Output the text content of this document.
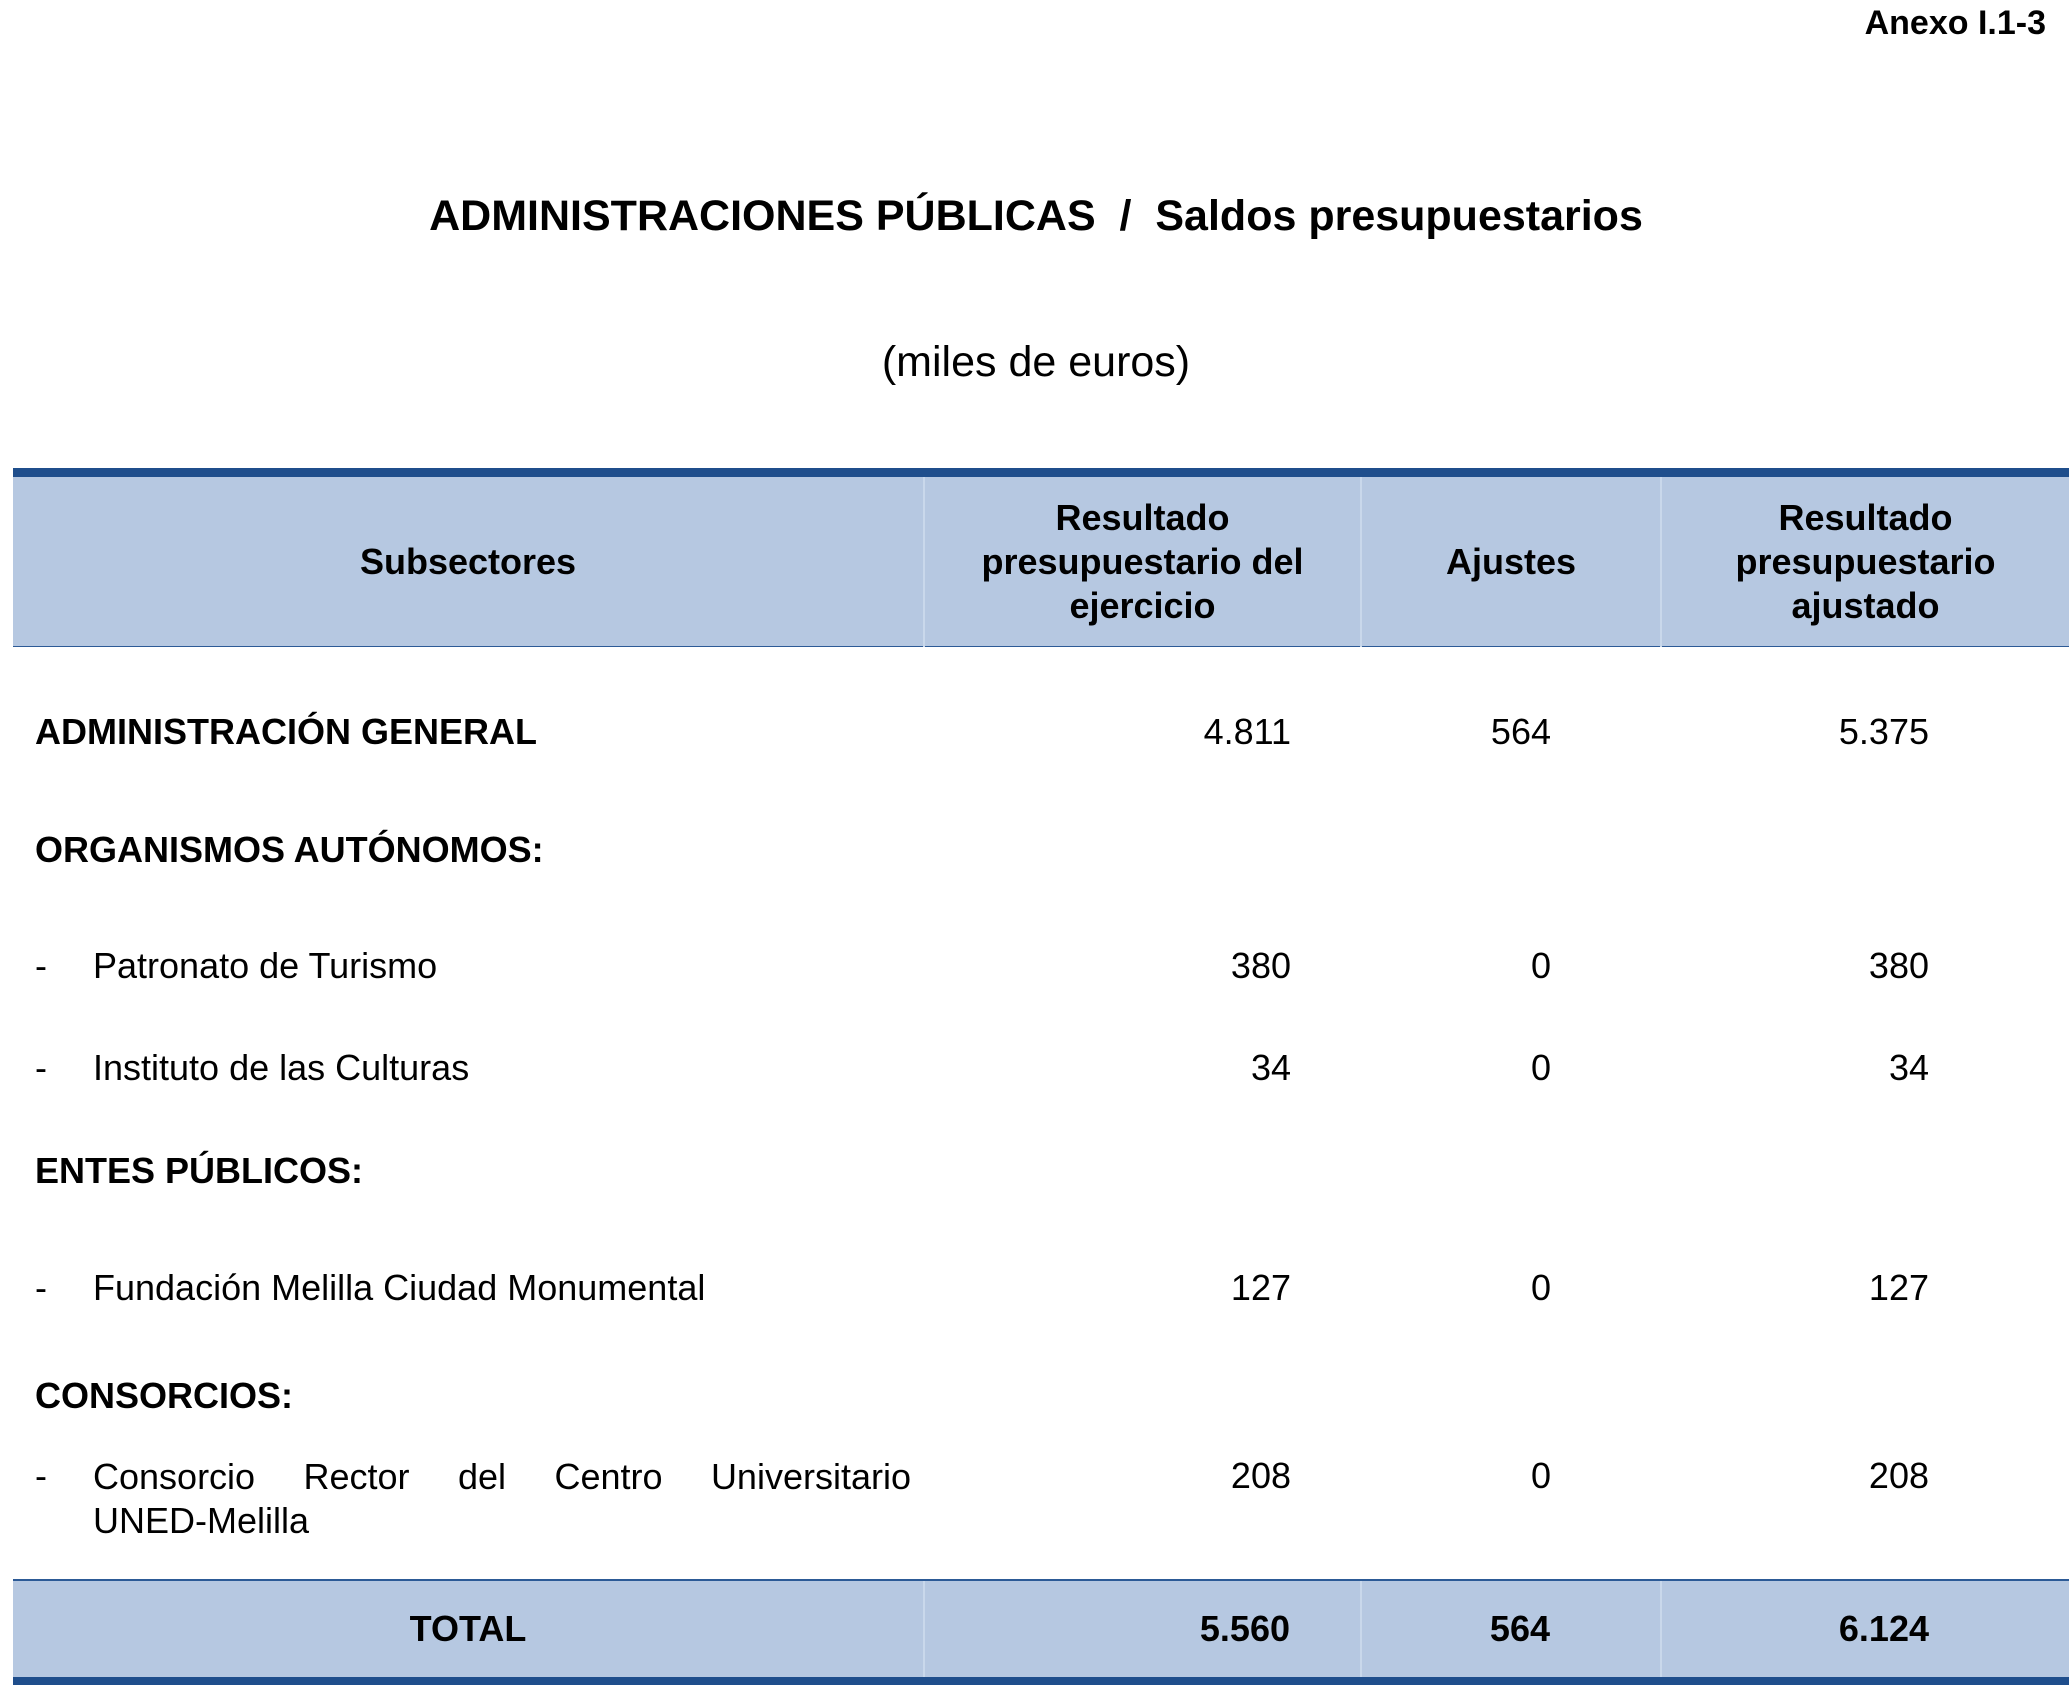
Anexo I.1-3
ADMINISTRACIONES PÚBLICAS  /  Saldos presupuestarios
(miles de euros)
Subsectores	Resultado presupuestario del ejercicio	Ajustes	Resultado presupuestario ajustado

ADMINISTRACIÓN GENERAL	4.811	564	5.375
ORGANISMOS AUTÓNOMOS:			

- Patronato de Turismo	380	0	380

- Instituto de las Culturas	34	0	34
ENTES PÚBLICOS:			

- Fundación Melilla Ciudad Monumental	127	0	127
CONSORCIOS:			

- Consorcio Rector del Centro Universitario
UNED-Melilla	208	0	208
TOTAL	5.560	564	6.124
